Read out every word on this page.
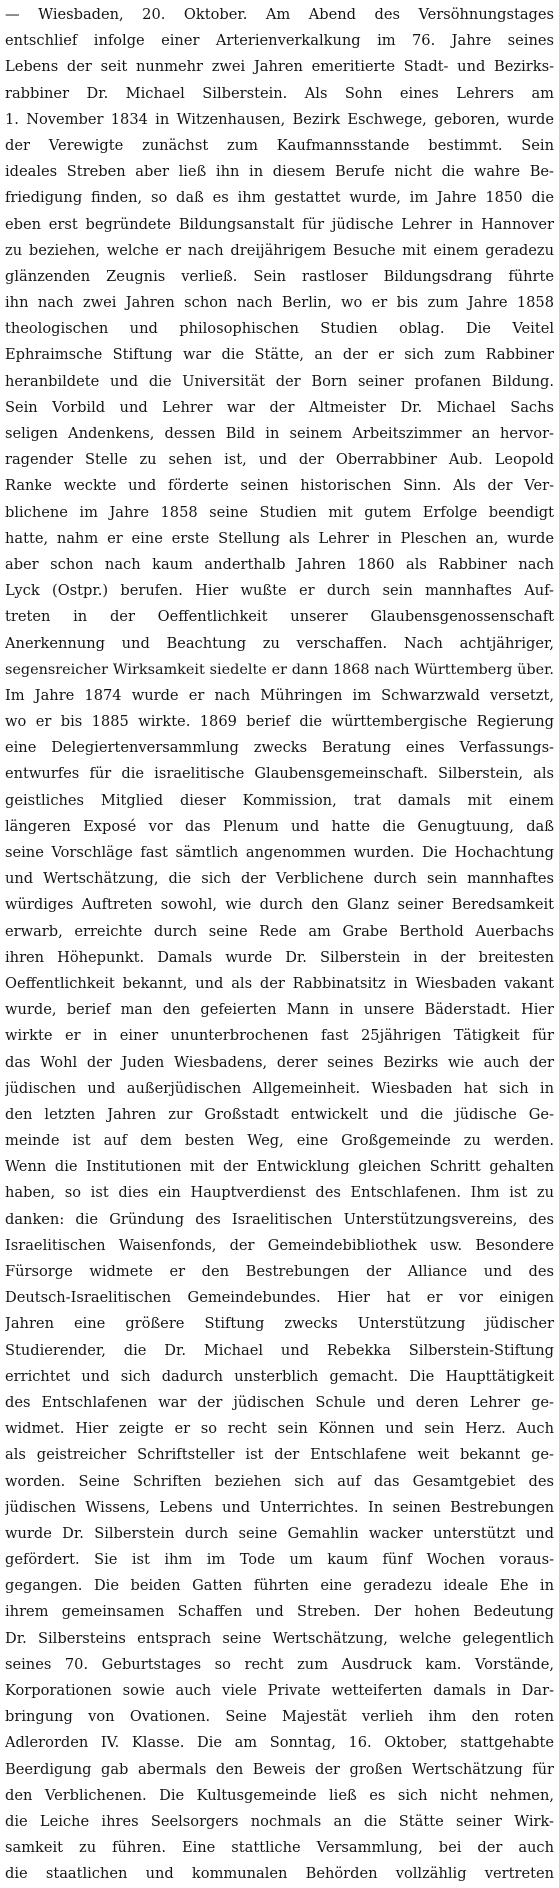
— Wiesbaden, 20. Oktober. Am Abend des Versöhnungstages
entschlief infolge einer Arterienverkalkung im 76. Jahre seines
Lebens der seit nunmehr zwei Jahren emeritierte Stadt- und Bezirks-
rabbiner Dr. Michael Silberstein. Als Sohn eines Lehrers am
1. November 1834 in Witzenhausen, Bezirk Eschwege, geboren, wurde
der Verewigte zunächst zum Kaufmannsstande bestimmt. Sein
ideales Streben aber ließ ihn in diesem Berufe nicht die wahre Be-
friedigung finden, so daß es ihm gestattet wurde, im Jahre 1850 die
eben erst begründete Bildungsanstalt für jüdische Lehrer in Hannover
zu beziehen, welche er nach dreijährigem Besuche mit einem geradezu
glänzenden Zeugnis verließ. Sein rastloser Bildungsdrang führte
ihn nach zwei Jahren schon nach Berlin, wo er bis zum Jahre 1858
theologischen und philosophischen Studien oblag. Die Veitel
Ephraimsche Stiftung war die Stätte, an der er sich zum Rabbiner
heranbildete und die Universität der Born seiner profanen Bildung.
Sein Vorbild und Lehrer war der Altmeister Dr. Michael Sachs
seligen Andenkens, dessen Bild in seinem Arbeitszimmer an hervor-
ragender Stelle zu sehen ist, und der Oberrabbiner Aub. Leopold
Ranke weckte und förderte seinen historischen Sinn. Als der Ver-
blichene im Jahre 1858 seine Studien mit gutem Erfolge beendigt
hatte, nahm er eine erste Stellung als Lehrer in Pleschen an, wurde
aber schon nach kaum anderthalb Jahren 1860 als Rabbiner nach
Lyck (Ostpr.) berufen. Hier wußte er durch sein mannhaftes Auf-
treten in der Oeffentlichkeit unserer Glaubensgenossenschaft
Anerkennung und Beachtung zu verschaffen. Nach achtjähriger,
segensreicher Wirksamkeit siedelte er dann 1868 nach Württemberg über.
Im Jahre 1874 wurde er nach Mühringen im Schwarzwald versetzt,
wo er bis 1885 wirkte. 1869 berief die württembergische Regierung
eine Delegiertenversammlung zwecks Beratung eines Verfassungs-
entwurfes für die israelitische Glaubensgemeinschaft. Silberstein, als
geistliches Mitglied dieser Kommission, trat damals mit einem
längeren Exposé vor das Plenum und hatte die Genugtuung, daß
seine Vorschläge fast sämtlich angenommen wurden. Die Hochachtung
und Wertschätzung, die sich der Verblichene durch sein mannhaftes
würdiges Auftreten sowohl, wie durch den Glanz seiner Beredsamkeit
erwarb, erreichte durch seine Rede am Grabe Berthold Auerbachs
ihren Höhepunkt. Damals wurde Dr. Silberstein in der breitesten
Oeffentlichkeit bekannt, und als der Rabbinatsitz in Wiesbaden vakant
wurde, berief man den gefeierten Mann in unsere Bäderstadt. Hier
wirkte er in einer ununterbrochenen fast 25jährigen Tätigkeit für
das Wohl der Juden Wiesbadens, derer seines Bezirks wie auch der
jüdischen und außerjüdischen Allgemeinheit. Wiesbaden hat sich in
den letzten Jahren zur Großstadt entwickelt und die jüdische Ge-
meinde ist auf dem besten Weg, eine Großgemeinde zu werden.
Wenn die Institutionen mit der Entwicklung gleichen Schritt gehalten
haben, so ist dies ein Hauptverdienst des Entschlafenen. Ihm ist zu
danken: die Gründung des Israelitischen Unterstützungsvereins, des
Israelitischen Waisenfonds, der Gemeindebibliothek usw. Besondere
Fürsorge widmete er den Bestrebungen der Alliance und des
Deutsch-Israelitischen Gemeindebundes. Hier hat er vor einigen
Jahren eine größere Stiftung zwecks Unterstützung jüdischer
Studierender, die Dr. Michael und Rebekka Silberstein-Stiftung
errichtet und sich dadurch unsterblich gemacht. Die Haupttätigkeit
des Entschlafenen war der jüdischen Schule und deren Lehrer ge-
widmet. Hier zeigte er so recht sein Können und sein Herz. Auch
als geistreicher Schriftsteller ist der Entschlafene weit bekannt ge-
worden. Seine Schriften beziehen sich auf das Gesamtgebiet des
jüdischen Wissens, Lebens und Unterrichtes. In seinen Bestrebungen
wurde Dr. Silberstein durch seine Gemahlin wacker unterstützt und
gefördert. Sie ist ihm im Tode um kaum fünf Wochen voraus-
gegangen. Die beiden Gatten führten eine geradezu ideale Ehe in
ihrem gemeinsamen Schaffen und Streben. Der hohen Bedeutung
Dr. Silbersteins entsprach seine Wertschätzung, welche gelegentlich
seines 70. Geburtstages so recht zum Ausdruck kam. Vorstände,
Korporationen sowie auch viele Private wetteiferten damals in Dar-
bringung von Ovationen. Seine Majestät verlieh ihm den roten
Adlerorden IV. Klasse. Die am Sonntag, 16. Oktober, stattgehabte
Beerdigung gab abermals den Beweis der großen Wertschätzung für
den Verblichenen. Die Kultusgemeinde ließ es sich nicht nehmen,
die Leiche ihres Seelsorgers nochmals an die Stätte seiner Wirk-
samkeit zu führen. Eine stattliche Versammlung, bei der auch
die staatlichen und kommunalen Behörden vollzählig vertreten
